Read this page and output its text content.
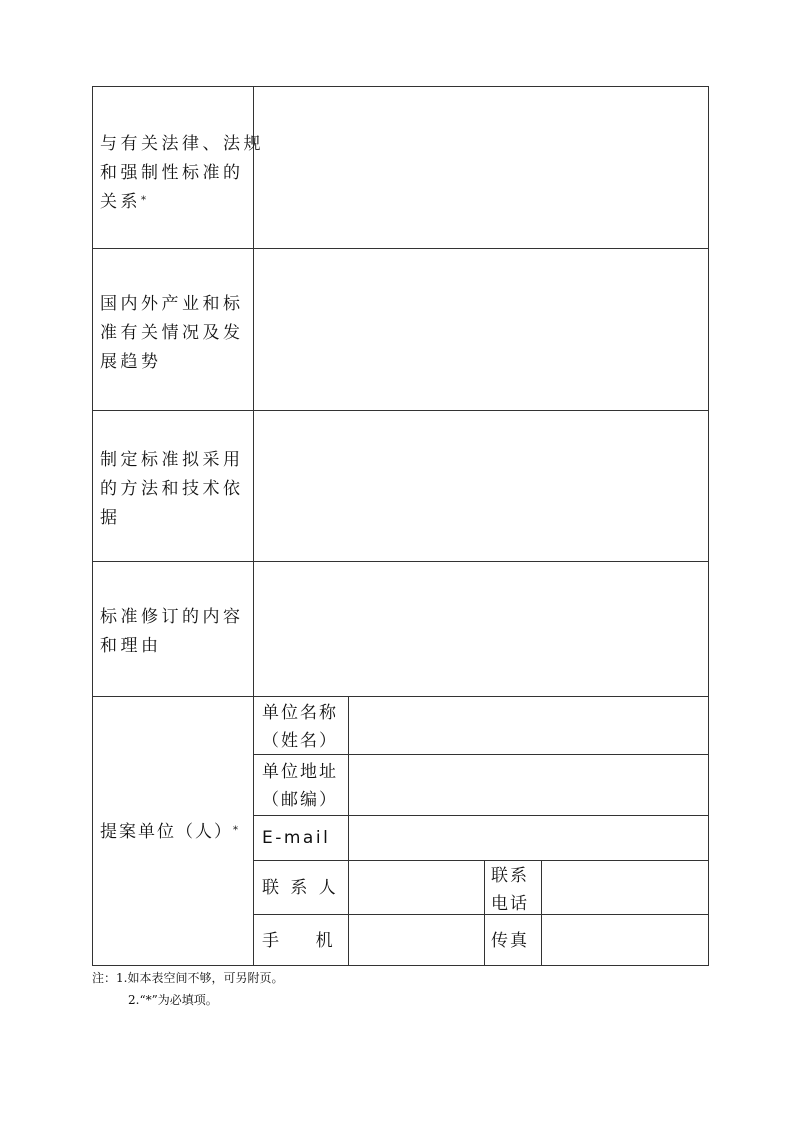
与有关法律、法规
和强制性标准的
关系*
国内外产业和标
准有关情况及发
展趋势
制定标准拟采用
的方法和技术依
据
标准修订的内容
和理由
提案单位（人）*
单位名称
（姓名）
单位地址
（邮编）
E-mail
联 系 人
联系
电话
手    机	传真
注：1.如本表空间不够，可另附页。
2.“*”为必填项。
